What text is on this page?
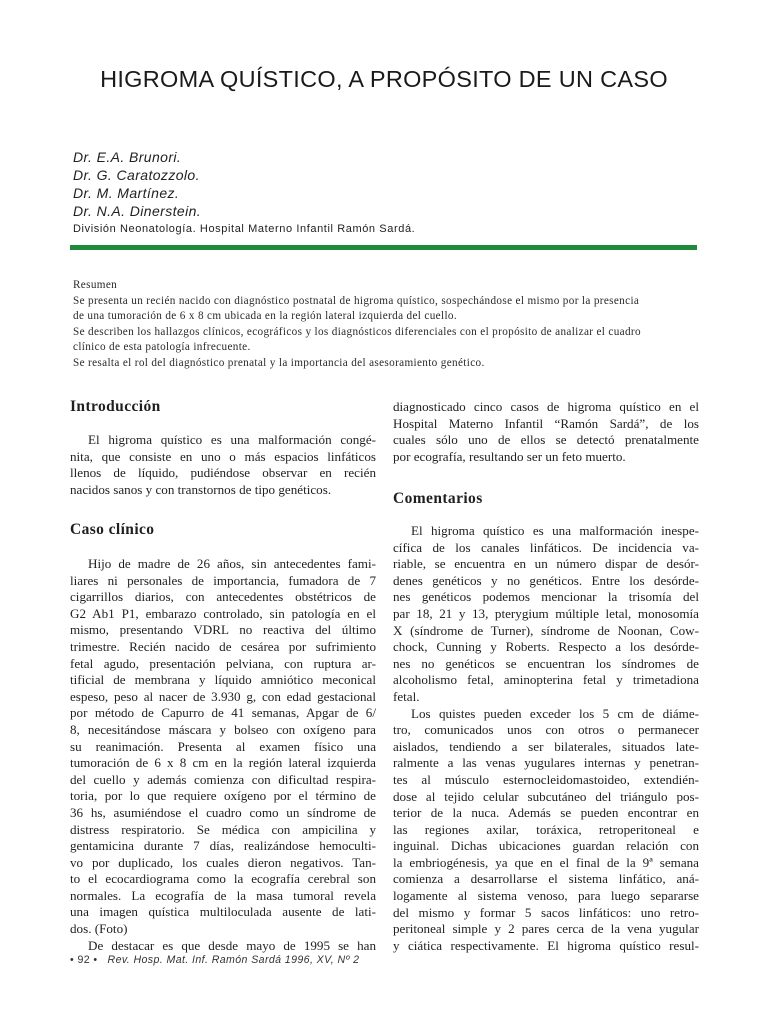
HIGROMA QUÍSTICO, A PROPÓSITO DE UN CASO
Dr. E.A. Brunori.
Dr. G. Caratozzolo.
Dr. M. Martínez.
Dr. N.A. Dinerstein.
División Neonatología. Hospital Materno Infantil Ramón Sardá.

Resumen

Se presenta un recién nacido con diagnóstico postnatal de higroma quístico, sospechándose el mismo por la presencia

de una tumoración de 6 x 8 cm ubicada en la región lateral izquierda del cuello.

Se describen los hallazgos clínicos, ecográficos y los diagnósticos diferenciales con el propósito de analizar el cuadro

clínico de esta patología infrecuente.

Se resalta el rol del diagnóstico prenatal y la importancia del asesoramiento genético.

Introducción

El higroma quístico es una malformación congé-

nita, que consiste en uno o más espacios linfáticos

llenos de líquido, pudiéndose observar en recién

nacidos sanos y con transtornos de tipo genéticos.

Caso clínico

Hijo de madre de 26 años, sin antecedentes fami-

liares ni personales de importancia, fumadora de 7

cigarrillos diarios, con antecedentes obstétricos de

G2 Ab1 P1, embarazo controlado, sin patología en el

mismo, presentando VDRL no reactiva del último

trimestre. Recién nacido de cesárea por sufrimiento

fetal agudo, presentación pelviana, con ruptura ar-

tificial de membrana y líquido amniótico meconical

espeso, peso al nacer de 3.930 g, con edad gestacional

por método de Capurro de 41 semanas, Apgar de 6/

8, necesitándose máscara y bolseo con oxígeno para

su reanimación. Presenta al examen físico una

tumoración de 6 x 8 cm en la región lateral izquierda

del cuello y además comienza con dificultad respira-

toria, por lo que requiere oxígeno por el término de

36 hs, asumiéndose el cuadro como un síndrome de

distress respiratorio. Se médica con ampicilina y

gentamicina durante 7 días, realizándose hemoculti-

vo por duplicado, los cuales dieron negativos. Tan-

to el ecocardiograma como la ecografía cerebral son

normales. La ecografía de la masa tumoral revela

una imagen quística multiloculada ausente de lati-

dos. (Foto)

De destacar es que desde mayo de 1995 se han

diagnosticado cinco casos de higroma quístico en el

Hospital Materno Infantil “Ramón Sardá”, de los

cuales sólo uno de ellos se detectó prenatalmente

por ecografía, resultando ser un feto muerto.

Comentarios

El higroma quístico es una malformación inespe-

cífica de los canales linfáticos. De incidencia va-

riable, se encuentra en un número dispar de desór-

denes genéticos y no genéticos. Entre los desórde-

nes genéticos podemos mencionar la trisomía del

par 18, 21 y 13, pterygium múltiple letal, monosomía

X (síndrome de Turner), síndrome de Noonan, Cow-

chock, Cunning y Roberts. Respecto a los desórde-

nes no genéticos se encuentran los síndromes de

alcoholismo fetal, aminopterina fetal y trimetadiona

fetal.

Los quistes pueden exceder los 5 cm de diáme-

tro, comunicados unos con otros o permanecer

aislados, tendiendo a ser bilaterales, situados late-

ralmente a las venas yugulares internas y penetran-

tes al músculo esternocleidomastoideo, extendién-

dose al tejido celular subcutáneo del triángulo pos-

terior de la nuca. Además se pueden encontrar en

las regiones axilar, toráxica, retroperitoneal e

inguinal. Dichas ubicaciones guardan relación con

la embriogénesis, ya que en el final de la 9ª semana

comienza a desarrollarse el sistema linfático, aná-

logamente al sistema venoso, para luego separarse

del mismo y formar 5 sacos linfáticos: uno retro-

peritoneal simple y 2 pares cerca de la vena yugular

y ciática respectivamente. El higroma quístico resul-

• 92 • Rev. Hosp. Mat. Inf. Ramón Sardá 1996, XV, Nº 2
